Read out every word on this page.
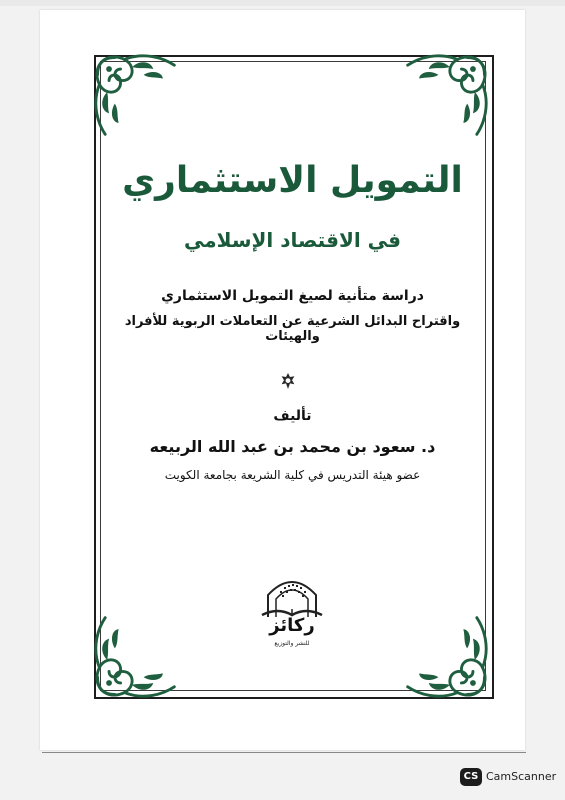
التمويل الاستثماري
في الاقتصاد الإسلامي
دراسة متأنية لصيغ التمويل الاستثماري
واقتراح البدائل الشرعية عن التعاملات الربوية للأفراد والهيئات
تأليف
د. سعود بن محمد بن عبد الله الربيعه
عضو هيئة التدريس في كلية الشريعة بجامعة الكويت
ركائز
للنشر والتوزيع
CS CamScanner
